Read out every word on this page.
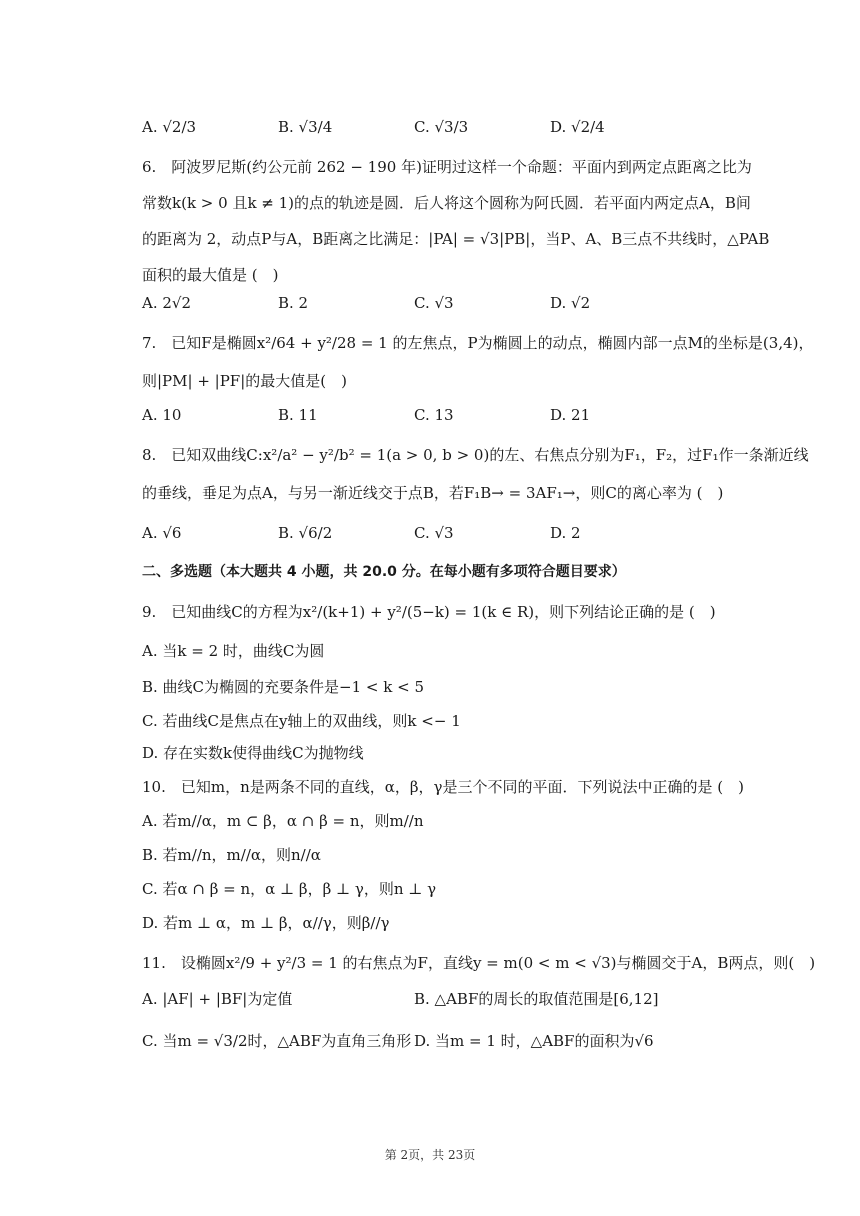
A. √2/3	B. √3/4	C. √3/3	D. √2/4
6.　阿波罗尼斯(约公元前 262 − 190 年)证明过这样一个命题：平面内到两定点距离之比为
常数k(k > 0 且k ≠ 1)的点的轨迹是圆．后人将这个圆称为阿氏圆．若平面内两定点A，B间
的距离为 2，动点P与A，B距离之比满足：|PA| = √3|PB|，当P、A、B三点不共线时，△PAB
面积的最大值是 (　)
A. 2√2	B. 2	C. √3	D. √2
7.　已知F是椭圆x²/64 + y²/28 = 1 的左焦点，P为椭圆上的动点，椭圆内部一点M的坐标是(3,4)，
则|PM| + |PF|的最大值是(　)
A. 10	B. 11	C. 13	D. 21
8.　已知双曲线C:x²/a² − y²/b² = 1(a > 0, b > 0)的左、右焦点分别为F₁，F₂，过F₁作一条渐近线
的垂线，垂足为点A，与另一渐近线交于点B，若F₁B→ = 3AF₁→，则C的离心率为 (　)
A. √6	B. √6/2	C. √3	D. 2
二、多选题（本大题共 4 小题，共 20.0 分。在每小题有多项符合题目要求）
9.　已知曲线C的方程为x²/(k+1) + y²/(5−k) = 1(k ∈ R)，则下列结论正确的是 (　)
A. 当k = 2 时，曲线C为圆
B. 曲线C为椭圆的充要条件是−1 < k < 5
C. 若曲线C是焦点在y轴上的双曲线，则k <− 1
D. 存在实数k使得曲线C为抛物线
10.　已知m，n是两条不同的直线，α，β，γ是三个不同的平面．下列说法中正确的是 (　)
A. 若m//α，m ⊂ β，α ∩ β = n，则m//n
B. 若m//n，m//α，则n//α
C. 若α ∩ β = n，α ⊥ β，β ⊥ γ，则n ⊥ γ
D. 若m ⊥ α，m ⊥ β，α//γ，则β//γ
11.　设椭圆x²/9 + y²/3 = 1 的右焦点为F，直线y = m(0 < m < √3)与椭圆交于A，B两点，则(　)
A. |AF| + |BF|为定值	B. △ABF的周长的取值范围是[6,12]
C. 当m = √3/2时，△ABF为直角三角形 D. 当m = 1 时，△ABF的面积为√6
第 2页，共 23页
